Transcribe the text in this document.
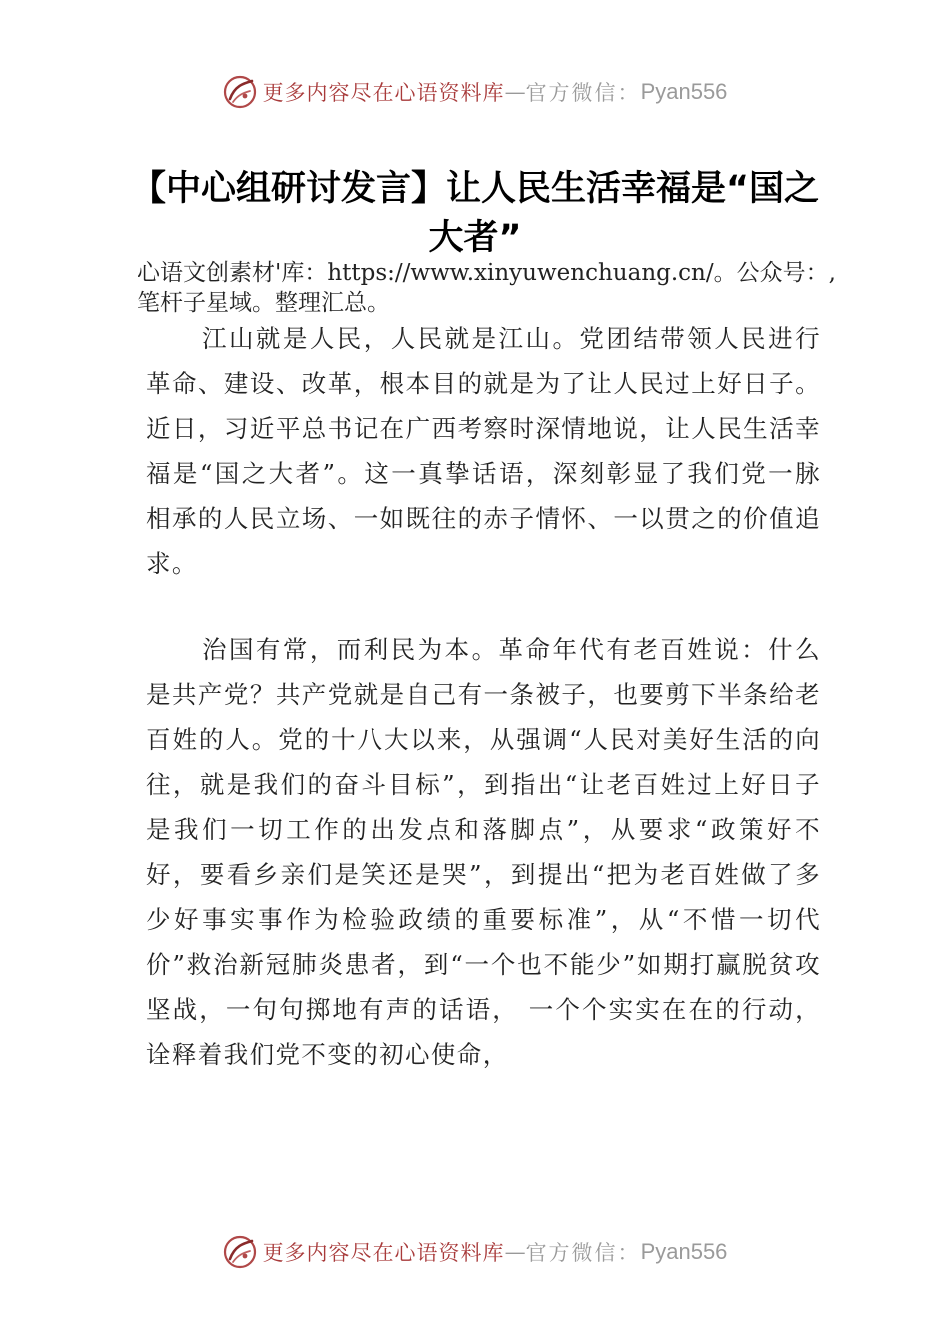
更多内容尽在心语资料库 — 官方微信： Pyan556
【中心组研讨发言】让人民生活幸福是“国之大者”

心语文创素材'库：https://www.xinyuwenchuang.cn/。公众号：,笔杆子星域。整理汇总。

江山就是人民，人民就是江山。党团结带领人民进行革命、建设、改革，根本目的就是为了让人民过上好日子。近日，习近平总书记在广西考察时深情地说，让人民生活幸福是“国之大者”。这一真挚话语，深刻彰显了我们党一脉相承的人民立场、一如既往的赤子情怀、一以贯之的价值追求。

治国有常，而利民为本。革命年代有老百姓说：什么是共产党？共产党就是自己有一条被子，也要剪下半条给老百姓的人。党的十八大以来，从强调“人民对美好生活的向往，就是我们的奋斗目标”，到指出“让老百姓过上好日子是我们一切工作的出发点和落脚点”，从要求“政策好不好，要看乡亲们是笑还是哭”，到提出“把为老百姓做了多少好事实事作为检验政绩的重要标准”，从“不惜一切代价”救治新冠肺炎患者，到“一个也不能少”如期打赢脱贫攻坚战，一句句掷地有声的话语， 一个个实实在在的行动，诠释着我们党不变的初心使命，

更多内容尽在心语资料库 — 官方微信： Pyan556
